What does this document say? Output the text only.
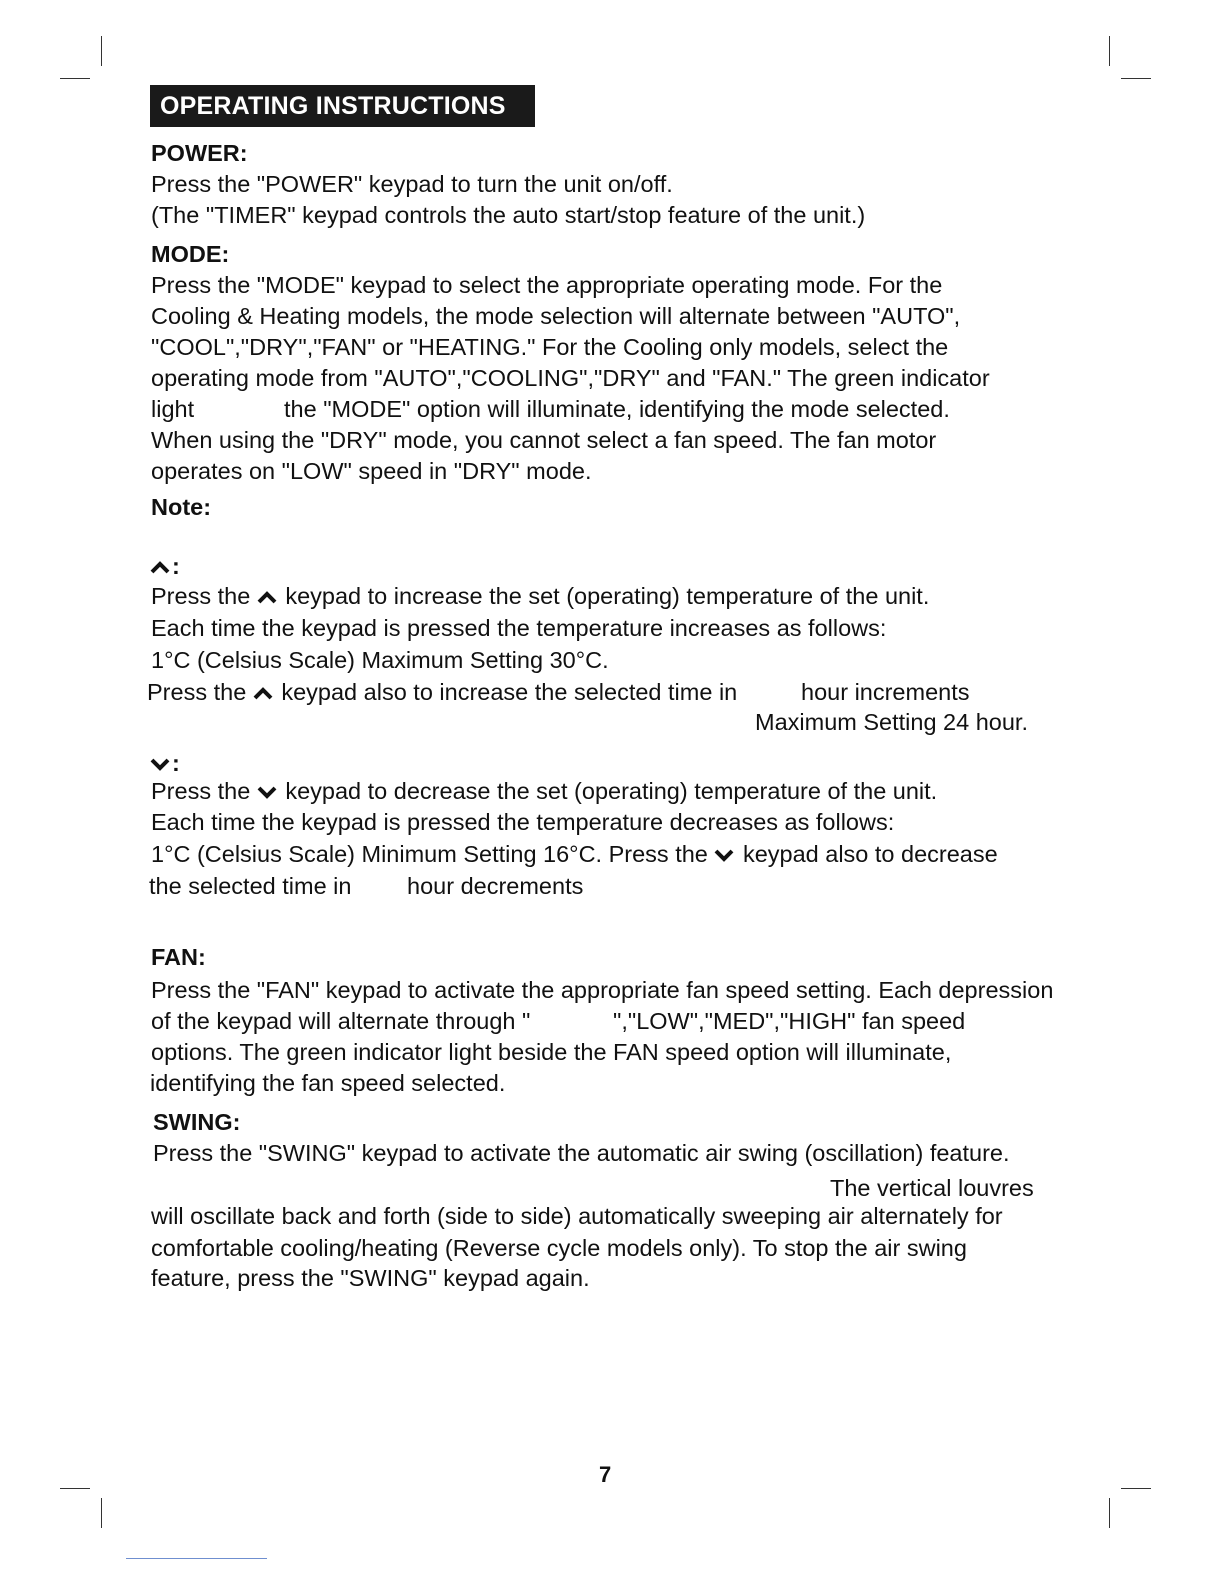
OPERATING INSTRUCTIONS
POWER:
Press the "POWER" keypad to turn the unit on/off.
(The "TIMER" keypad controls the auto start/stop feature of the unit.)
MODE:
Press the "MODE" keypad to select the appropriate operating mode. For the
Cooling & Heating models, the mode selection will alternate between "AUTO",
"COOL","DRY","FAN" or "HEATING." For the Cooling only models, select the
operating mode from "AUTO","COOLING","DRY" and "FAN." The green indicator
light	the "MODE" option will illuminate, identifying the mode selected.
When using the "DRY" mode, you cannot select a fan speed. The fan motor
operates on "LOW" speed in "DRY" mode.
Note:
:
Press the keypad to increase the set (operating) temperature of the unit.
Each time the keypad is pressed the temperature increases as follows:
1°C (Celsius Scale) Maximum Setting 30°C.
Press the keypad also to increase the selected time in	hour increments
Maximum Setting 24 hour.
:
Press the keypad to decrease the set (operating) temperature of the unit.
Each time the keypad is pressed the temperature decreases as follows:
1°C (Celsius Scale) Minimum Setting 16°C. Press the keypad also to decrease
the selected time in hour decrements
FAN:
Press the "FAN" keypad to activate the appropriate fan speed setting. Each depression
of the keypad will alternate through "	","LOW","MED","HIGH" fan speed
options. The green indicator light beside the FAN speed option will illuminate,
identifying the fan speed selected.
SWING:
Press the "SWING" keypad to activate the automatic air swing (oscillation) feature.
The vertical louvres
will oscillate back and forth (side to side) automatically sweeping air alternately for
comfortable cooling/heating (Reverse cycle models only). To stop the air swing
feature, press the "SWING" keypad again.
7
